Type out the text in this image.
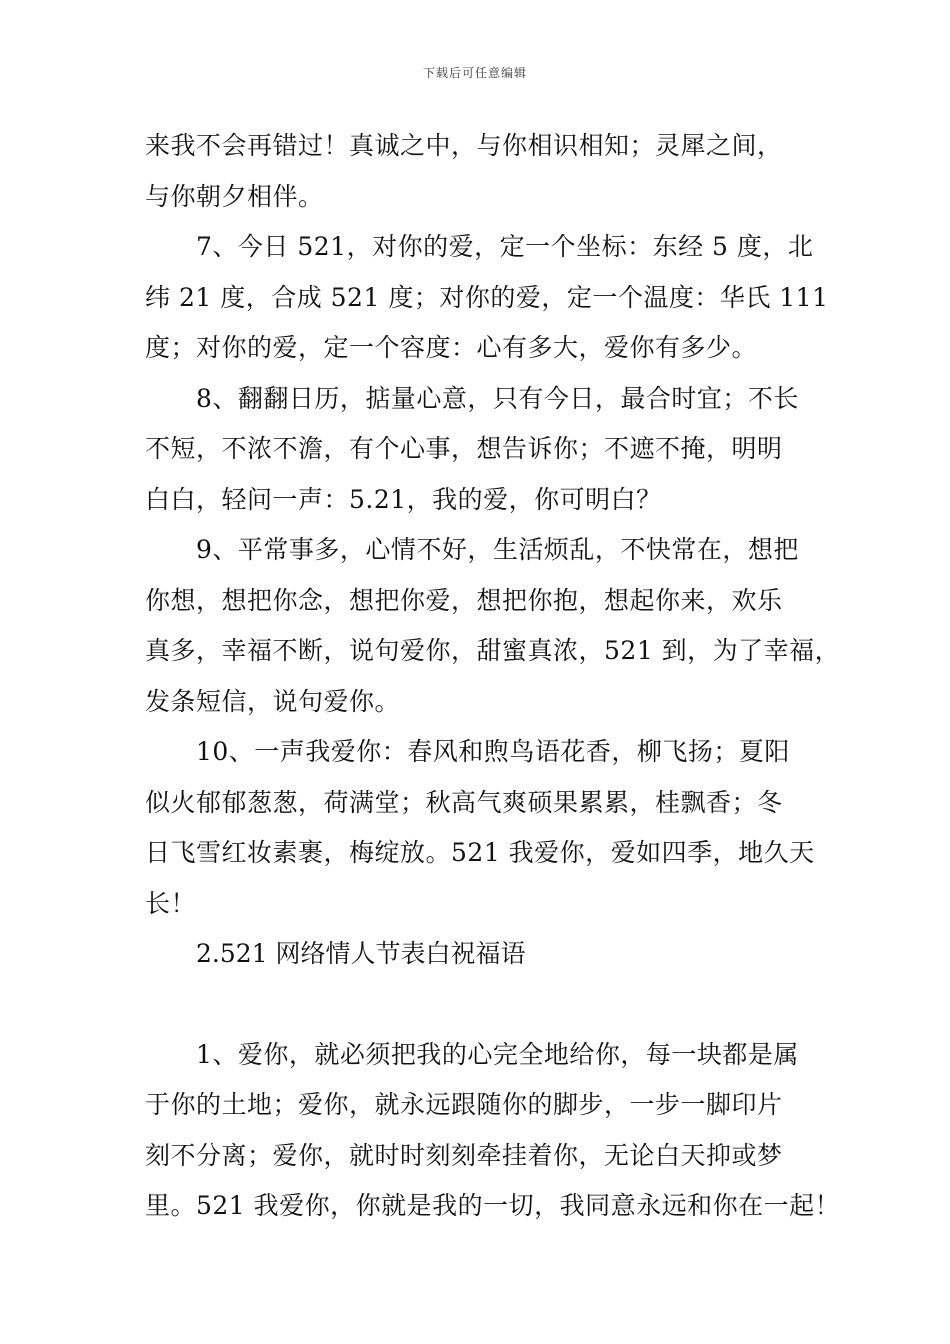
下载后可任意编辑
来我不会再错过！真诚之中，与你相识相知；灵犀之间，
与你朝夕相伴。
7、今日 521，对你的爱，定一个坐标：东经 5 度，北
纬 21 度，合成 521 度；对你的爱，定一个温度：华氏 111
度；对你的爱，定一个容度：心有多大，爱你有多少。
8、翻翻日历，掂量心意，只有今日，最合时宜；不长
不短，不浓不澹，有个心事，想告诉你；不遮不掩，明明
白白，轻问一声：5.21，我的爱，你可明白？
9、平常事多，心情不好，生活烦乱，不快常在，想把
你想，想把你念，想把你爱，想把你抱，想起你来，欢乐
真多，幸福不断，说句爱你，甜蜜真浓，521 到，为了幸福，
发条短信，说句爱你。
10、一声我爱你：春风和煦鸟语花香，柳飞扬；夏阳
似火郁郁葱葱，荷满堂；秋高气爽硕果累累，桂飘香；冬
日飞雪红妆素裹，梅绽放。521 我爱你，爱如四季，地久天
长！
2.521 网络情人节表白祝福语
1、爱你，就必须把我的心完全地给你，每一块都是属
于你的土地；爱你，就永远跟随你的脚步，一步一脚印片
刻不分离；爱你，就时时刻刻牵挂着你，无论白天抑或梦
里。521 我爱你，你就是我的一切，我同意永远和你在一起！
